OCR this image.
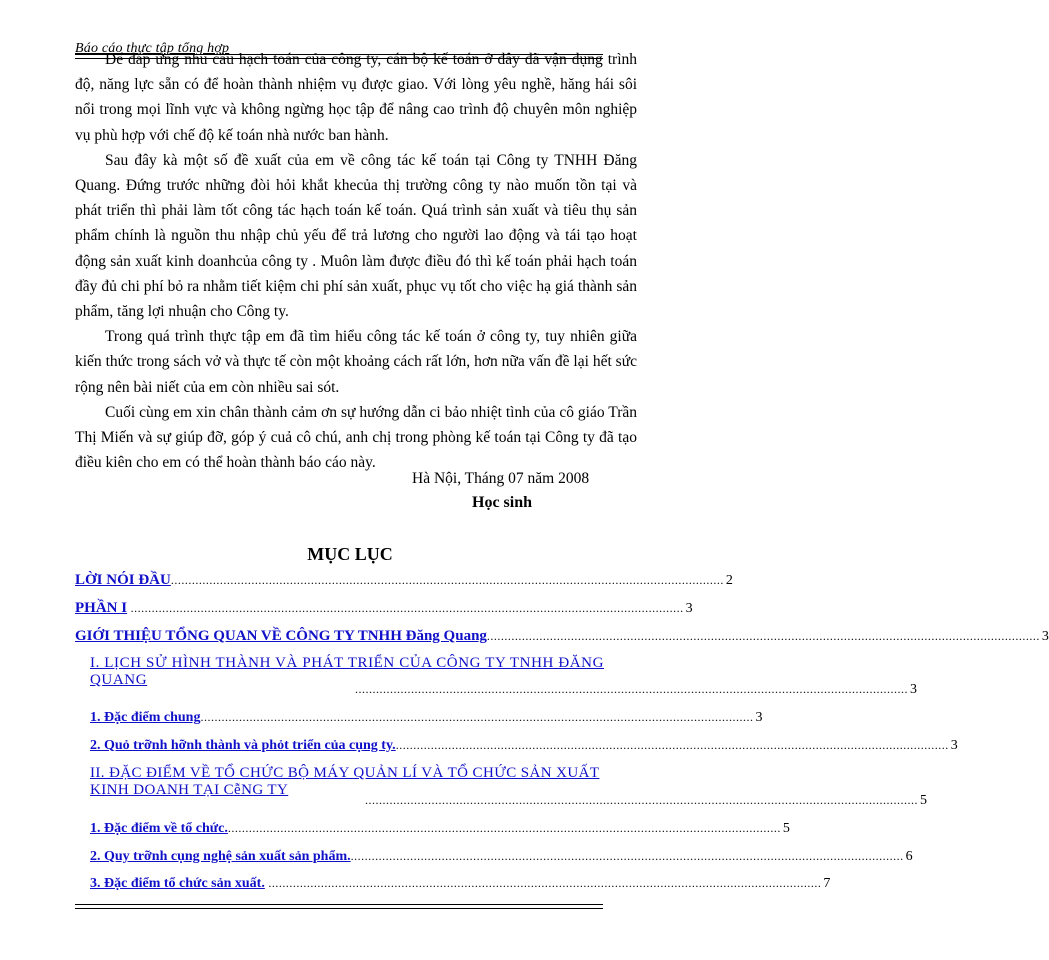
Báo cáo thực tập tổng hợp

Để đáp ứng nhu cầu hạch toán của công ty, cán bộ kế toán ở đây đã vận dụng trình độ, năng lực sẵn có để hoàn thành nhiệm vụ được giao. Với lòng yêu nghề, hăng hái sôi nổi trong mọi lĩnh vực và không ngừng học tập để nâng cao trình độ chuyên môn nghiệp vụ phù hợp với chế độ kế toán nhà nước ban hành.

Sau đây kà một số đề xuất của em về công tác kế toán tại Công ty TNHH Đăng Quang. Đứng trước những đòi hỏi khắt khecủa thị trường công ty nào muốn tồn tại và phát triển thì phải làm tốt công tác hạch toán kế toán. Quá trình sản xuất và tiêu thụ sản phẩm chính là nguồn thu nhập chủ yếu để trả lương cho người lao động và tái tạo hoạt động sản xuất kinh doanhcủa công ty . Muôn làm được điều đó thì kế toán phải hạch toán đầy đủ chi phí bỏ ra nhằm tiết kiệm chi phí sản xuất, phục vụ tốt cho việc hạ giá thành sản phẩm, tăng lợi nhuận cho Công ty.

Trong quá trình thực tập em đã tìm hiểu công tác kế toán ở công ty, tuy nhiên giữa kiến thức trong sách vở và thực tế còn một khoảng cách rất lớn, hơn nữa vấn đề lại hết sức rộng nên bài niết của em còn nhiều sai sót.

Cuối cùng em xin chân thành cảm ơn sự hướng dẫn ci bảo nhiệt tình của cô giáo Trần Thị Miến và sự giúp đỡ, góp ý cuả cô chú, anh chị trong phòng kế toán tại Công ty đã tạo điều kiên cho em có thể hoàn thành báo cáo này.

Hà Nội, Tháng 07 năm 2008
Học sinh
MỤC LỤC
LỜI NÓI ĐẦU .............................................................................................................................................................. 2
PHẦN I .............................................................................................................................................................. 3
GIỚI THIỆU TỔNG QUAN VỀ CÔNG TY TNHH Đăng Quang .............................................................................................................................................................. 3
I. LỊCH SỬ HÌNH THÀNH VÀ PHÁT TRIỂN CỦA CÔNG TY TNHH ĐĂNG QUANG
.............................................................................................................................................................. 3
1. Đặc điểm chung .............................................................................................................................................................. 3
2. Quỏ trỡnh hỡnh thành và phỏt triển của cụng ty. .............................................................................................................................................................. 3
II. ĐẶC ĐIỂM VỀ TỔ CHỨC BỘ MÁY QUẢN LÍ VÀ TỔ CHỨC SẢN XUẤT KINH DOANH TẠI CễNG TY
.............................................................................................................................................................. 5
1. Đặc điểm về tổ chức. .............................................................................................................................................................. 5
2. Quy trỡnh cụng nghệ sản xuất sản phẩm. .............................................................................................................................................................. 6
3. Đặc điểm tổ chức sản xuất. .............................................................................................................................................................. 7
